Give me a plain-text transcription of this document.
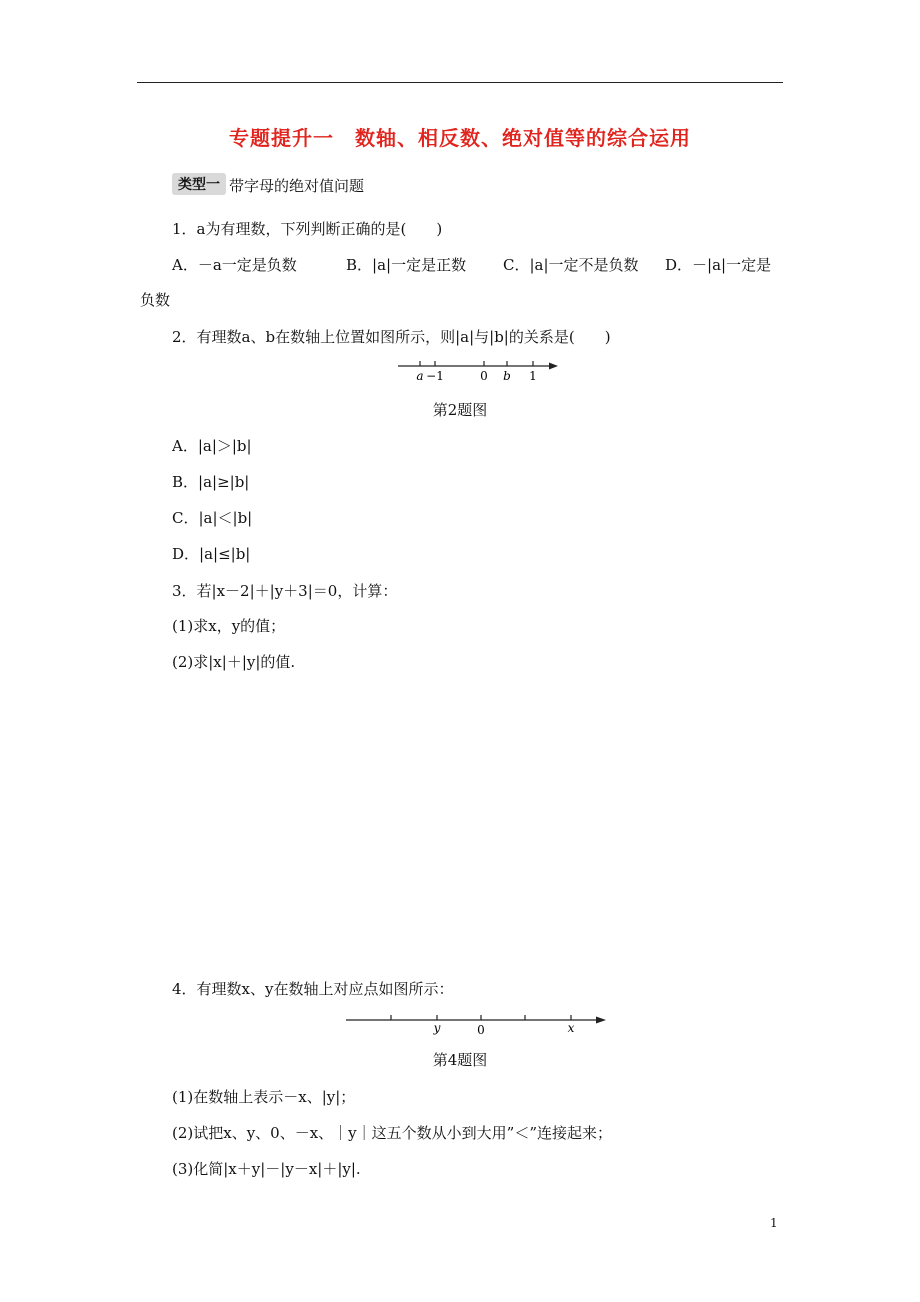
专题提升一　数轴、相反数、绝对值等的综合运用
类型一 带字母的绝对值问题
1．a为有理数，下列判断正确的是(　　)
A．－a一定是负数	B．|a|一定是正数 C．|a|一定不是负数 D．－|a|一定是
负数
2．有理数a、b在数轴上位置如图所示，则|a|与|b|的关系是(　　)
a −1	0 b 1
第2题图
A．|a|＞|b|
B．|a|≥|b|
C．|a|＜|b|
D．|a|≤|b|
3．若|x－2|＋|y＋3|＝0，计算：
(1)求x，y的值；
(2)求|x|＋|y|的值.
4．有理数x、y在数轴上对应点如图所示：
y	0	x
第4题图
(1)在数轴上表示－x、|y|；
(2)试把x、y、0、－x、｜y｜这五个数从小到大用”＜”连接起来；
(3)化简|x＋y|－|y－x|＋|y|.
1
